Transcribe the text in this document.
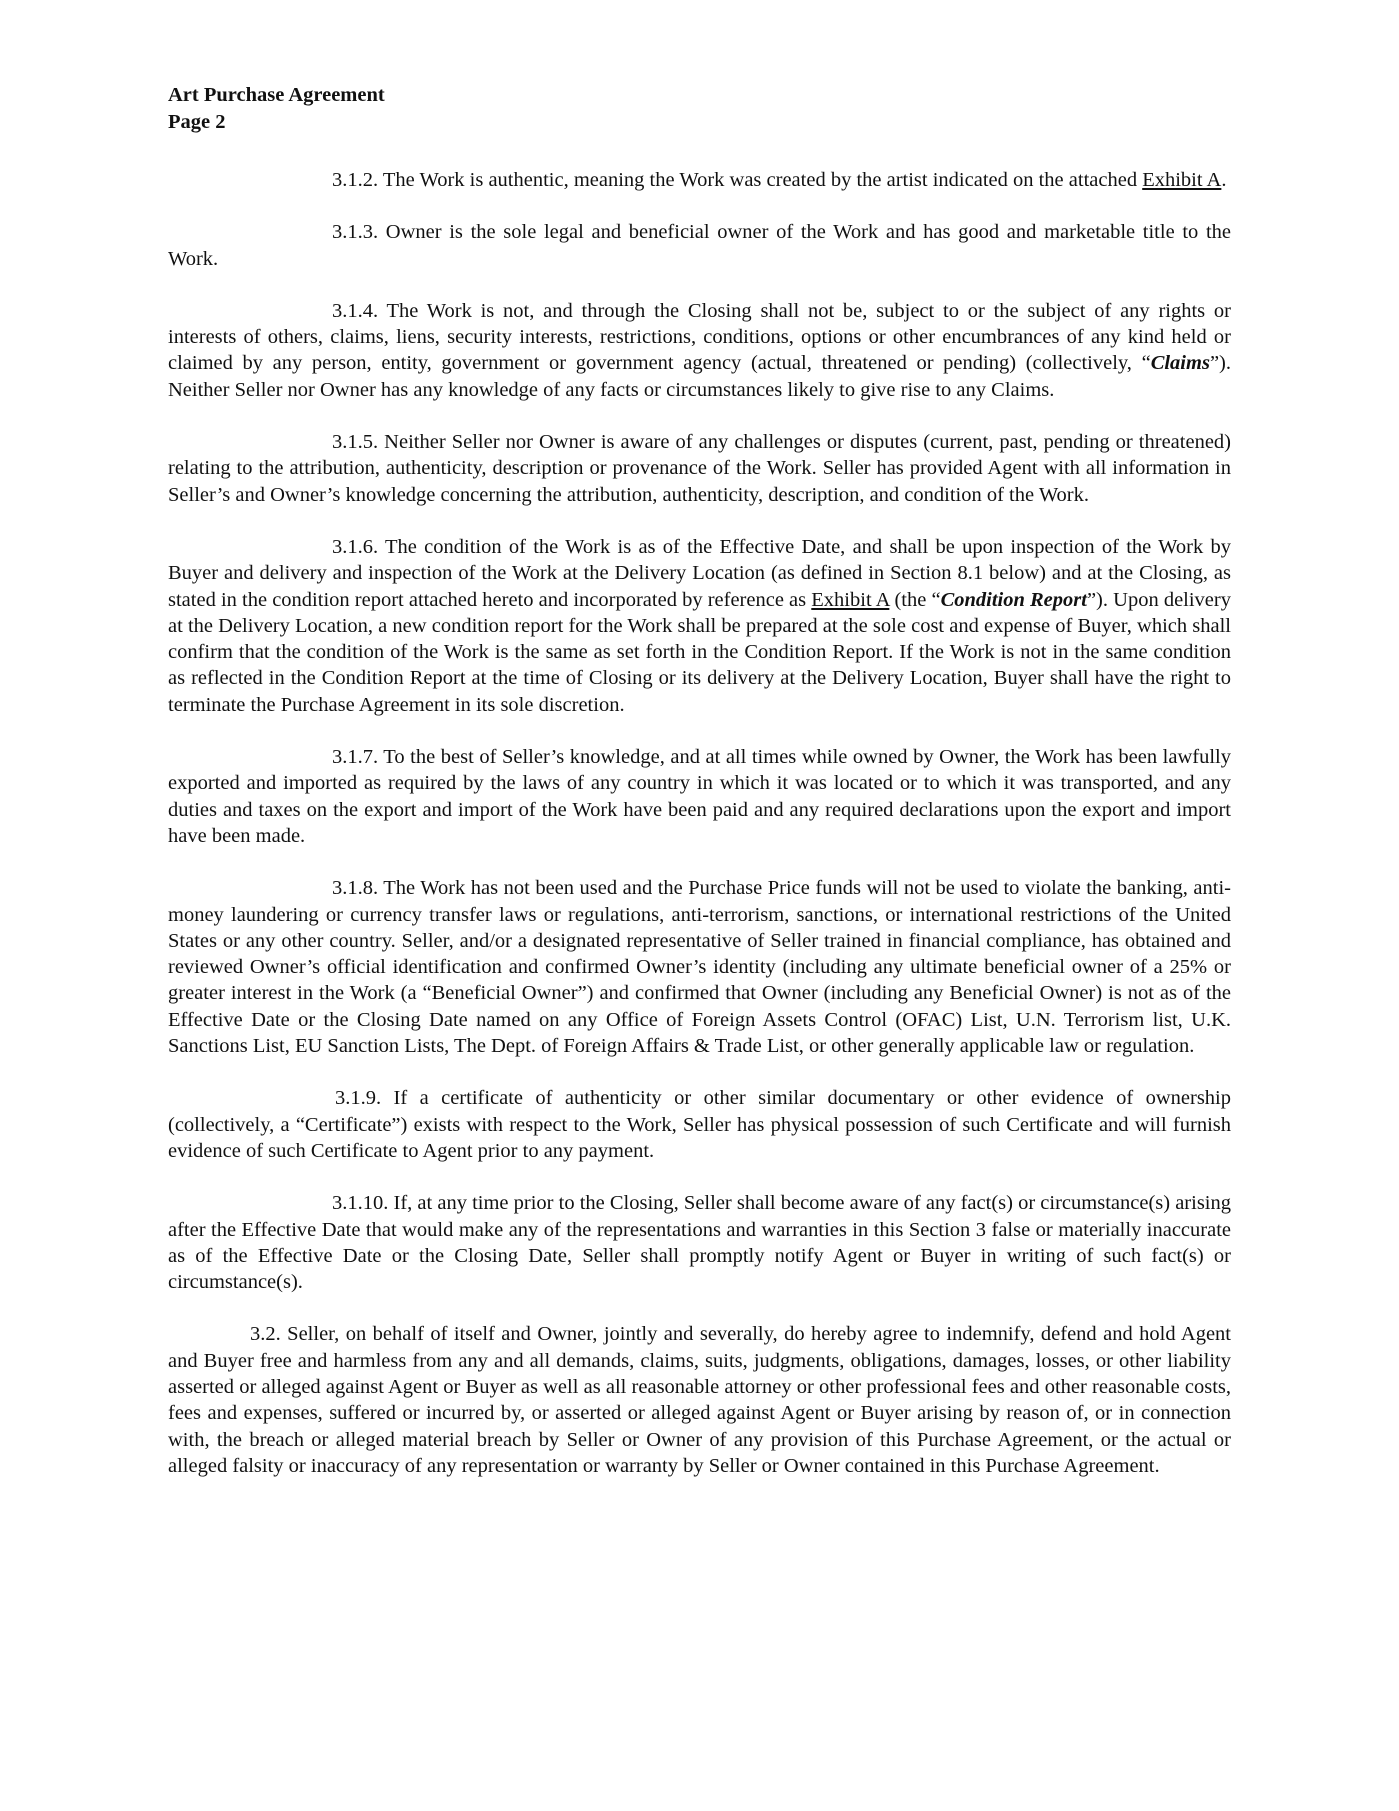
Art Purchase Agreement

Page 2

3.1.2. The Work is authentic, meaning the Work was created by the artist indicated on the attached Exhibit A.

3.1.3. Owner is the sole legal and beneficial owner of the Work and has good and marketable title to the Work.

3.1.4. The Work is not, and through the Closing shall not be, subject to or the subject of any rights or interests of others, claims, liens, security interests, restrictions, conditions, options or other encumbrances of any kind held or claimed by any person, entity, government or government agency (actual, threatened or pending) (collectively, “Claims”). Neither Seller nor Owner has any knowledge of any facts or circumstances likely to give rise to any Claims.

3.1.5. Neither Seller nor Owner is aware of any challenges or disputes (current, past, pending or threatened) relating to the attribution, authenticity, description or provenance of the Work. Seller has provided Agent with all information in Seller’s and Owner’s knowledge concerning the attribution, authenticity, description, and condition of the Work.

3.1.6. The condition of the Work is as of the Effective Date, and shall be upon inspection of the Work by Buyer and delivery and inspection of the Work at the Delivery Location (as defined in Section 8.1 below) and at the Closing, as stated in the condition report attached hereto and incorporated by reference as Exhibit A (the “Condition Report”). Upon delivery at the Delivery Location, a new condition report for the Work shall be prepared at the sole cost and expense of Buyer, which shall confirm that the condition of the Work is the same as set forth in the Condition Report. If the Work is not in the same condition as reflected in the Condition Report at the time of Closing or its delivery at the Delivery Location, Buyer shall have the right to terminate the Purchase Agreement in its sole discretion.

3.1.7. To the best of Seller’s knowledge, and at all times while owned by Owner, the Work has been lawfully exported and imported as required by the laws of any country in which it was located or to which it was transported, and any duties and taxes on the export and import of the Work have been paid and any required declarations upon the export and import have been made.

3.1.8. The Work has not been used and the Purchase Price funds will not be used to violate the banking, anti-money laundering or currency transfer laws or regulations, anti-terrorism, sanctions, or international restrictions of the United States or any other country. Seller, and/or a designated representative of Seller trained in financial compliance, has obtained and reviewed Owner’s official identification and confirmed Owner’s identity (including any ultimate beneficial owner of a 25% or greater interest in the Work (a “Beneficial Owner”) and confirmed that Owner (including any Beneficial Owner) is not as of the Effective Date or the Closing Date named on any Office of Foreign Assets Control (OFAC) List, U.N. Terrorism list, U.K. Sanctions List, EU Sanction Lists, The Dept. of Foreign Affairs & Trade List, or other generally applicable law or regulation.

3.1.9. If a certificate of authenticity or other similar documentary or other evidence of ownership (collectively, a “Certificate”) exists with respect to the Work, Seller has physical possession of such Certificate and will furnish evidence of such Certificate to Agent prior to any payment.

3.1.10. If, at any time prior to the Closing, Seller shall become aware of any fact(s) or circumstance(s) arising after the Effective Date that would make any of the representations and warranties in this Section 3 false or materially inaccurate as of the Effective Date or the Closing Date, Seller shall promptly notify Agent or Buyer in writing of such fact(s) or circumstance(s).

3.2. Seller, on behalf of itself and Owner, jointly and severally, do hereby agree to indemnify, defend and hold Agent and Buyer free and harmless from any and all demands, claims, suits, judgments, obligations, damages, losses, or other liability asserted or alleged against Agent or Buyer as well as all reasonable attorney or other professional fees and other reasonable costs, fees and expenses, suffered or incurred by, or asserted or alleged against Agent or Buyer arising by reason of, or in connection with, the breach or alleged material breach by Seller or Owner of any provision of this Purchase Agreement, or the actual or alleged falsity or inaccuracy of any representation or warranty by Seller or Owner contained in this Purchase Agreement.
